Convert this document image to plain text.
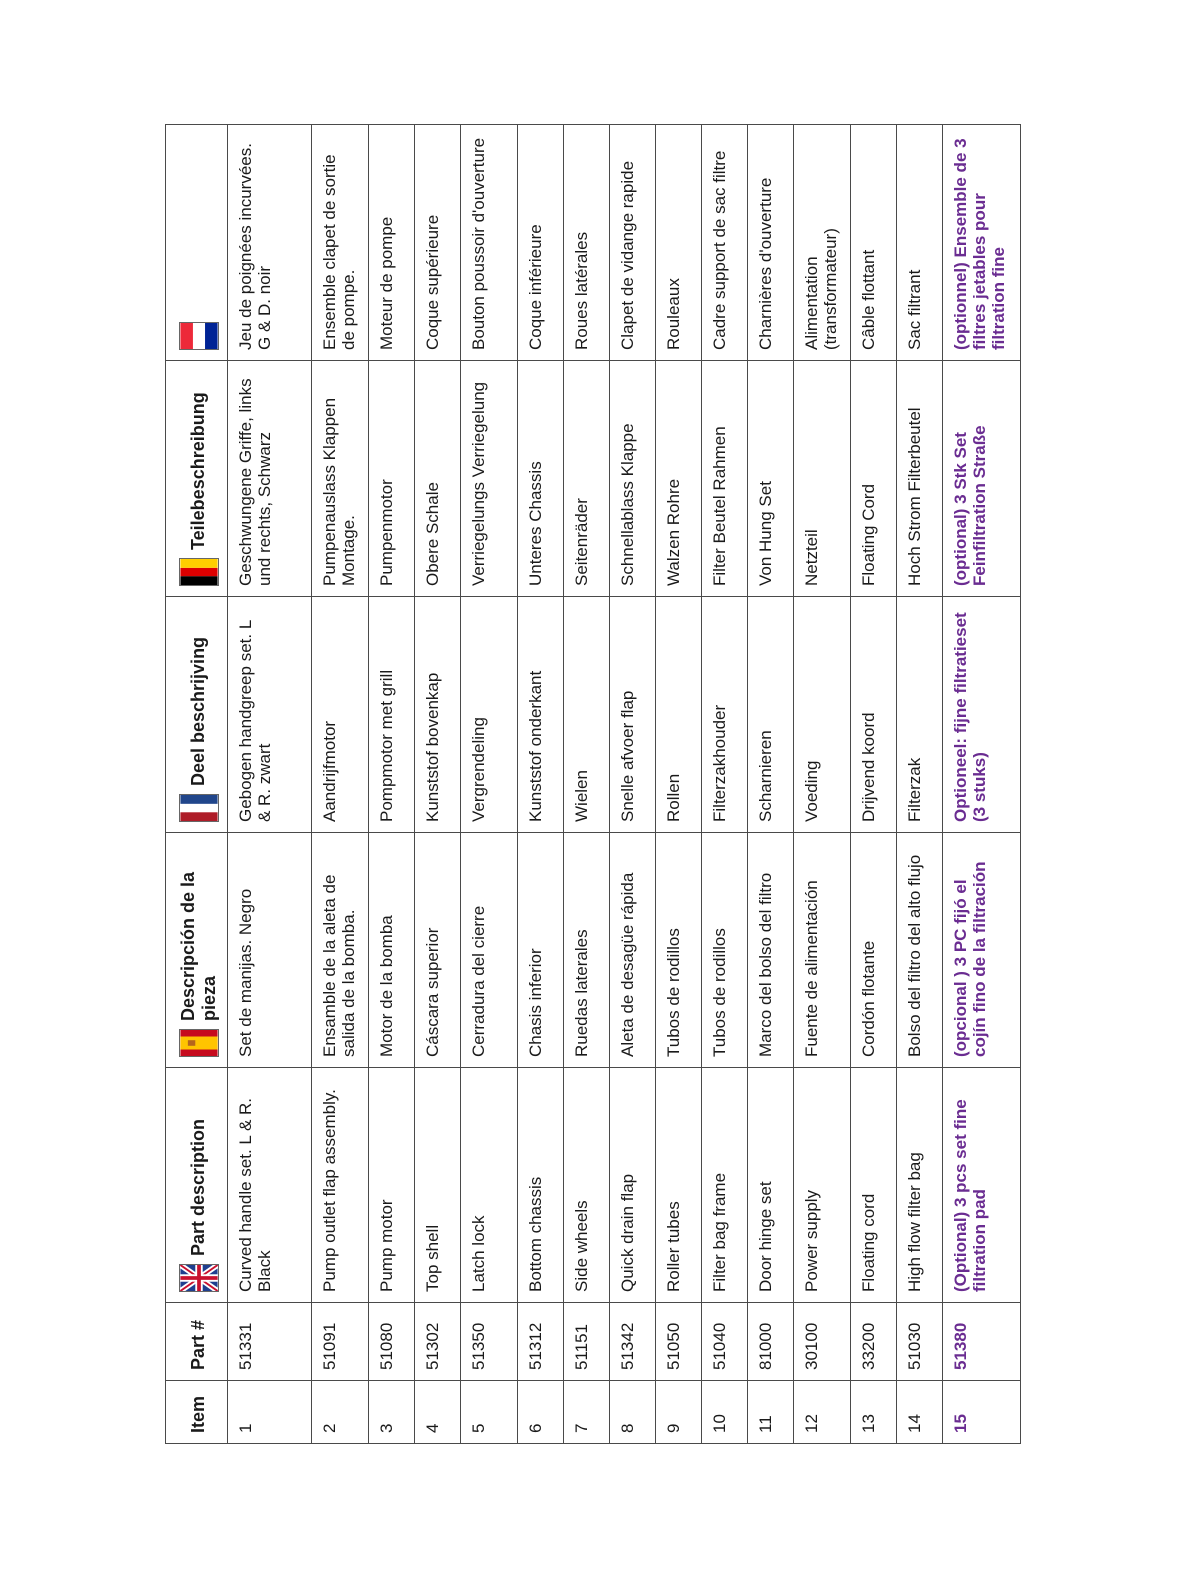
Item	Part #	Part description	Descripción de la pieza	Deel beschrijving	Teilebeschreibung

1	51331	Curved handle set. L & R. Black	Set de manijas. Negro	Gebogen handgreep set. L & R. zwart	Geschwungene Griffe, links und rechts, Schwarz	Jeu de poignées incurvées. G & D. noir
2	51091	Pump outlet flap assembly.	Ensamble de la aleta de salida de la bomba.	Aandrijfmotor	Pumpenauslass Klappen Montage.	Ensemble clapet de sortie de pompe.
3	51080	Pump motor	Motor de la bomba	Pompmotor met grill	Pumpenmotor	Moteur de pompe
4	51302	Top shell	Cáscara superior	Kunststof bovenkap	Obere Schale	Coque supérieure
5	51350	Latch lock	Cerradura del cierre	Vergrendeling	Verriegelungs Verriegelung	Bouton poussoir d'ouverture
6	51312	Bottom chassis	Chasis inferior	Kunststof onderkant	Unteres Chassis	Coque inférieure
7	51151	Side wheels	Ruedas laterales	Wielen	Seitenräder	Roues latérales
8	51342	Quick drain flap	Aleta de desagüe rápida	Snelle afvoer flap	Schnellablass Klappe	Clapet de vidange rapide
9	51050	Roller tubes	Tubos de rodillos	Rollen	Walzen Rohre	Rouleaux
10	51040	Filter bag frame	Tubos de rodillos	Filterzakhouder	Filter Beutel Rahmen	Cadre support de sac filtre
11	81000	Door hinge set	Marco del bolso del filtro	Scharnieren	Von Hung Set	Charnières d'ouverture
12	30100	Power supply	Fuente de alimentación	Voeding	Netzteil	Alimentation (transformateur)
13	33200	Floating cord	Cordón flotante	Drijvend koord	Floating Cord	Câble flottant
14	51030	High flow filter bag	Bolso del filtro del alto flujo	Filterzak	Hoch Strom Filterbeutel	Sac filtrant
15	51380	(Optional) 3 pcs set fine filtration pad	(opcional ) 3 PC fijó el cojín fino de la filtración	Optioneel: fijne filtratieset (3 stuks)	(optional) 3 Stk Set Feinfiltration Straße	(optionnel) Ensemble de 3 filtres jetables pour filtration fine
